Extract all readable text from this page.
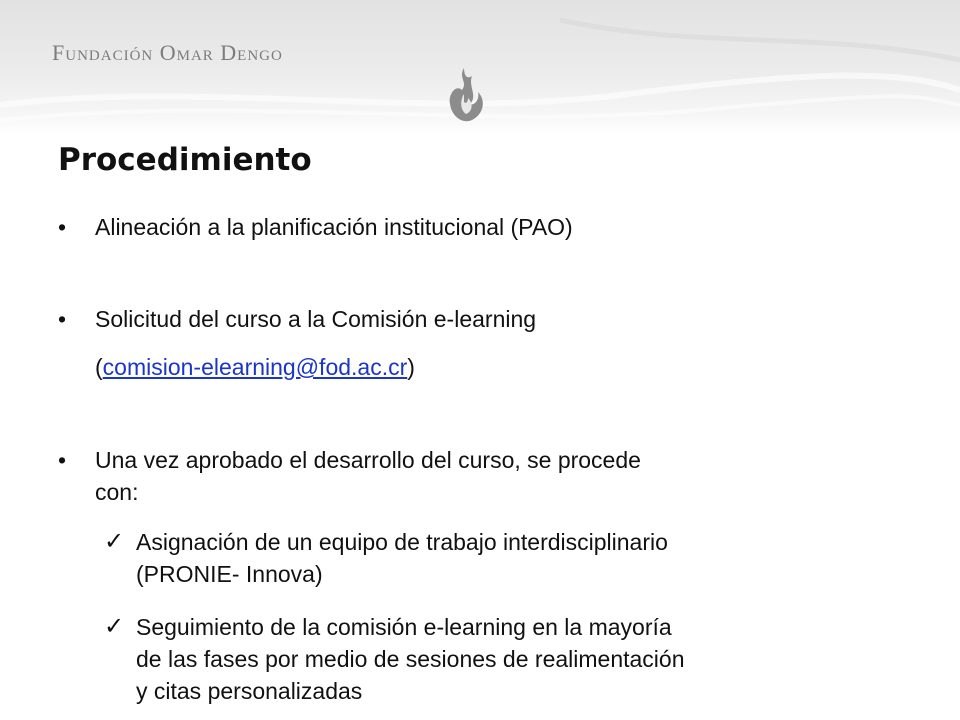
Fundación Omar Dengo
Procedimiento
• Alineación a la planificación institucional (PAO)
• Solicitud del curso a la Comisión e-learning
(comision-elearning@fod.ac.cr)
• Una vez aprobado el desarrollo del curso, se procede
con:
✓ Asignación de un equipo de trabajo interdisciplinario
(PRONIE- Innova)
✓ Seguimiento de la comisión e-learning en la mayoría
de las fases por medio de sesiones de realimentación
y citas personalizadas
